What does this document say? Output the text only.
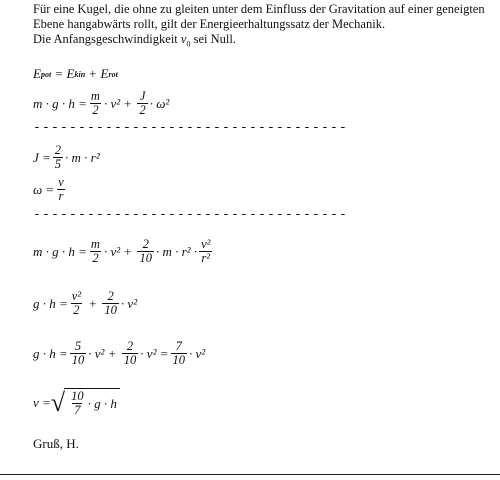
Für eine Kugel, die ohne zu gleiten unter dem Einfluss der Gravitation auf einer geneigten

Ebene hangabwärts rollt, gilt der Energieerhaltungssatz der Mechanik.

Die Anfangsgeschwindigkeit $v_0$ sei Null.

E pot = E kin + E rot
$m \cdot g \cdot h = \frac{m}{2} \cdot v^2 + \frac{J}{2} \cdot \omega^2$
-----------------------------------
$J = \frac{2}{5} \cdot m \cdot r^2$
$\omega = \frac{v}{r}$
-----------------------------------
$m \cdot g \cdot h = \frac{m}{2} \cdot v^2 + \frac{2}{10} \cdot m \cdot r^2 \cdot \frac{\text{v²}}{\text{r²}}$
$g \cdot h = \frac{\text{v²}}{2} + \frac{2}{10} \cdot v^2$
$g \cdot h = \frac{5}{10} \cdot v^2 + \frac{2}{10} \cdot v^2 = \frac{7}{10} \cdot v^2$
v = √ $\frac{10}{7} \cdot g \cdot h$
Gruß, H.
